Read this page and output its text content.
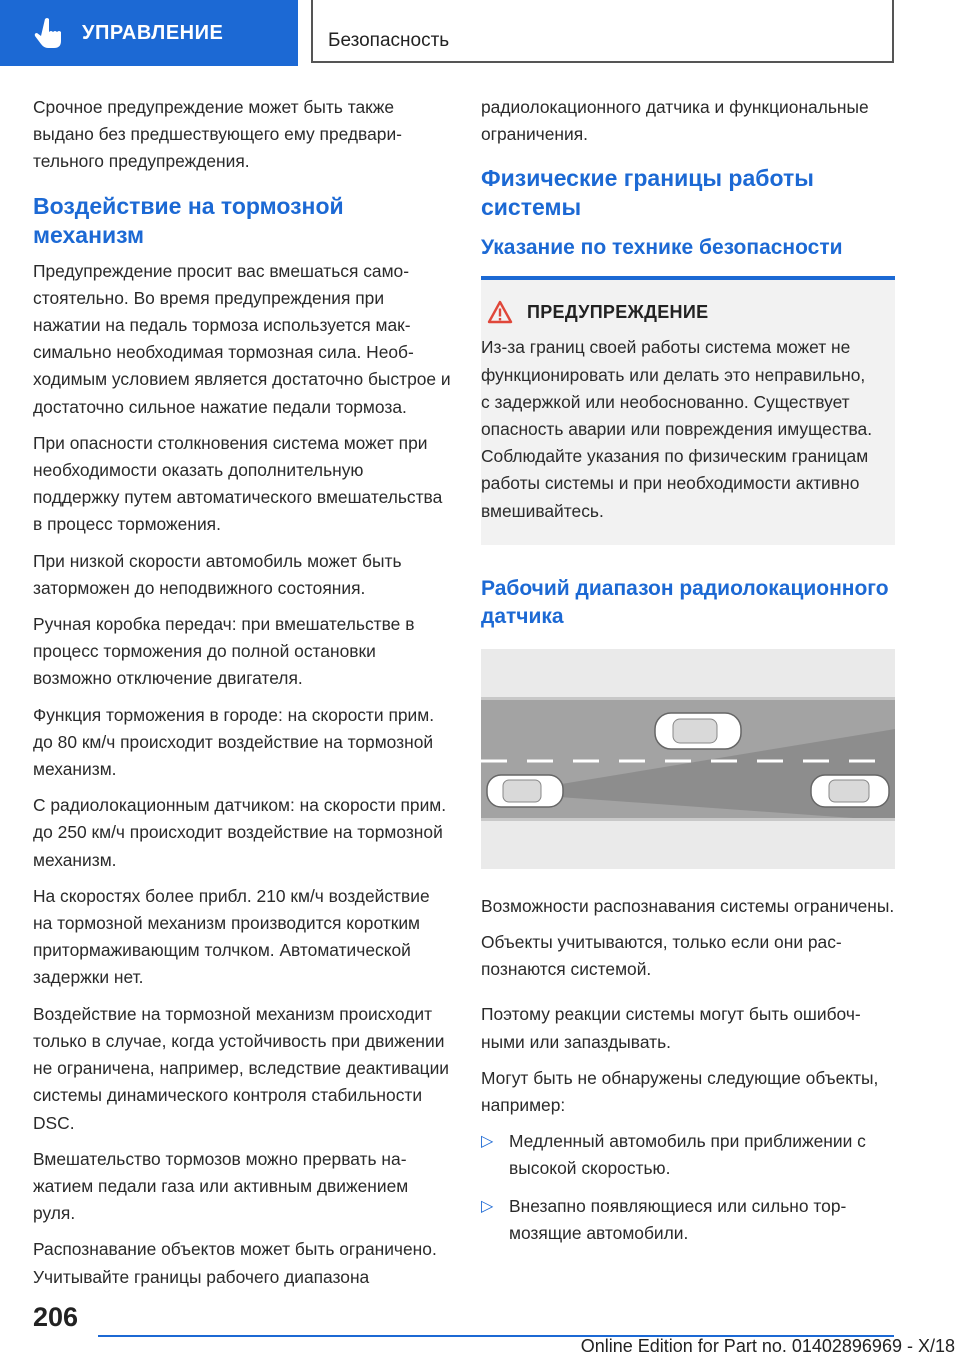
УПРАВЛЕНИЕ	Безопасность

Срочное предупреждение может быть также выдано без предшествующего ему предварительного предупреждения.

Воздействие на тормозной механизм

Предупреждение просит вас вмешаться самостоятельно. Во время предупреждения при нажатии на педаль тормоза используется максимально необходимая тормозная сила. Необходимым условием является достаточно быстрое и достаточно сильное нажатие педали тормоза.

При опасности столкновения система может при необходимости оказать дополнительную поддержку путем автоматического вмешательства в процесс торможения.

При низкой скорости автомобиль может быть заторможен до неподвижного состояния.

Ручная коробка передач: при вмешательстве в процесс торможения до полной остановки возможно отключение двигателя.

Функция торможения в городе: на скорости прим. до 80 км/ч происходит воздействие на тормозной механизм.

С радиолокационным датчиком: на скорости прим. до 250 км/ч происходит воздействие на тормозной механизм.

На скоростях более прибл. 210 км/ч воздействие на тормозной механизм производится коротким притормаживающим толчком. Автоматической задержки нет.

Воздействие на тормозной механизм происходит только в случае, когда устойчивость при движении не ограничена, например, вследствие деактивации системы динамического контроля стабильности DSC.

Вмешательство тормозов можно прервать нажатием педали газа или активным движением руля.

Распознавание объектов может быть ограничено. Учитывайте границы рабочего диапазона

радиолокационного датчика и функциональные ограничения.

Физические границы работы системы
Указание по технике безопасности
ПРЕДУПРЕЖДЕНИЕ

Из-за границ своей работы система может не функционировать или делать это неправильно, с задержкой или необоснованно. Существует опасность аварии или повреждения имущества. Соблюдайте указания по физическим границам работы системы и при необходимости активно вмешивайтесь.

Рабочий диапазон радиолокационного датчика

Возможности распознавания системы ограничены.

Объекты учитываются, только если они распознаются системой.

Поэтому реакции системы могут быть ошибочными или запаздывать.

Могут быть не обнаружены следующие объекты, например:

▷ Медленный автомобиль при приближении с высокой скоростью.

▷ Внезапно появляющиеся или сильно тормозящие автомобили.

206
Online Edition for Part no. 01402896969 - X/18
